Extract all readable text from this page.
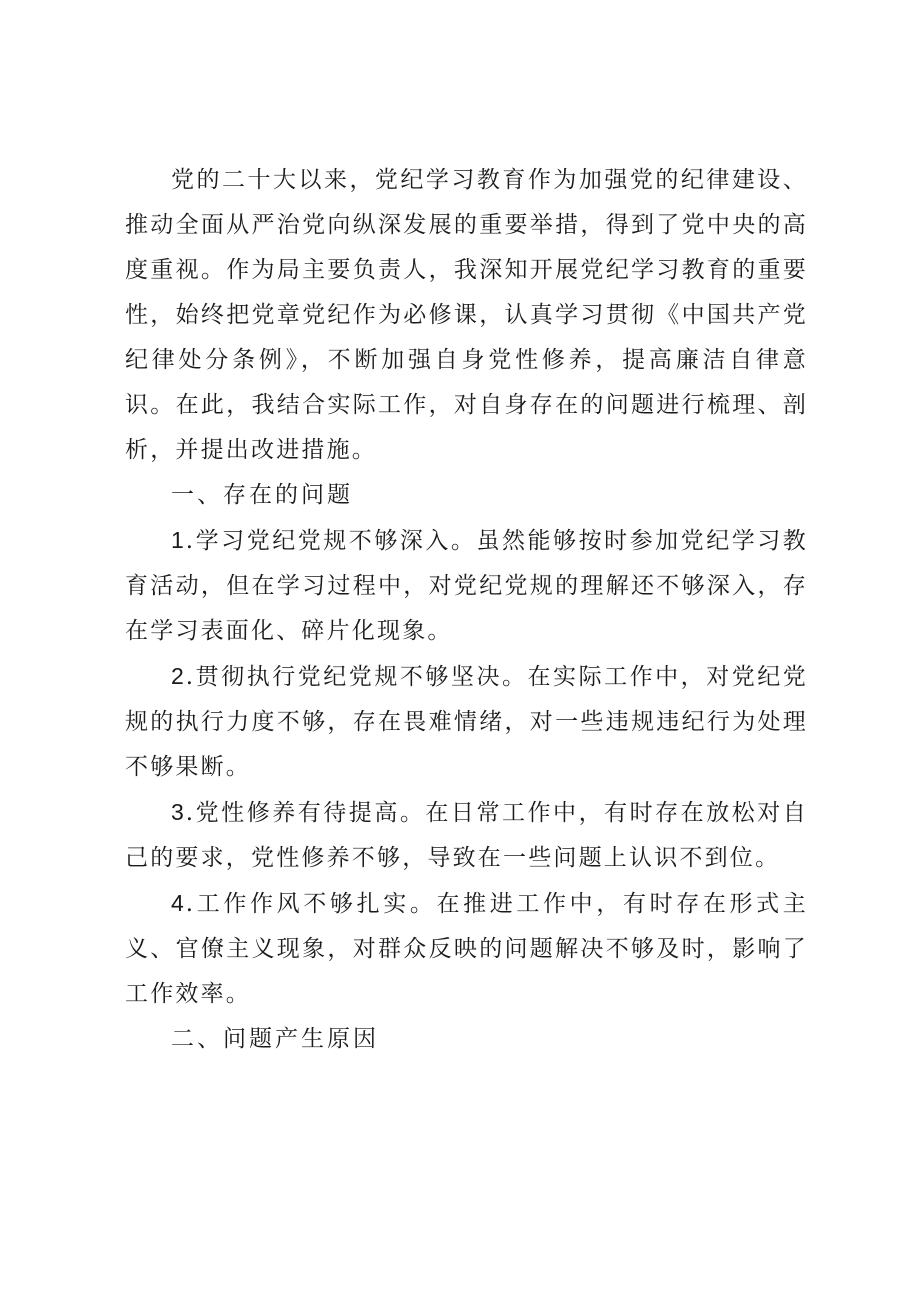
党的二十大以来，党纪学习教育作为加强党的纪律建设、推动全面从严治党向纵深发展的重要举措，得到了党中央的高度重视。作为局主要负责人，我深知开展党纪学习教育的重要性，始终把党章党纪作为必修课，认真学习贯彻《中国共产党纪律处分条例》，不断加强自身党性修养，提高廉洁自律意识。在此，我结合实际工作，对自身存在的问题进行梳理、剖析，并提出改进措施。

一、存在的问题

1.学习党纪党规不够深入。虽然能够按时参加党纪学习教育活动，但在学习过程中，对党纪党规的理解还不够深入，存在学习表面化、碎片化现象。

2.贯彻执行党纪党规不够坚决。在实际工作中，对党纪党规的执行力度不够，存在畏难情绪，对一些违规违纪行为处理不够果断。

3.党性修养有待提高。在日常工作中，有时存在放松对自己的要求，党性修养不够，导致在一些问题上认识不到位。

4.工作作风不够扎实。在推进工作中，有时存在形式主义、官僚主义现象，对群众反映的问题解决不够及时，影响了工作效率。

二、问题产生原因
